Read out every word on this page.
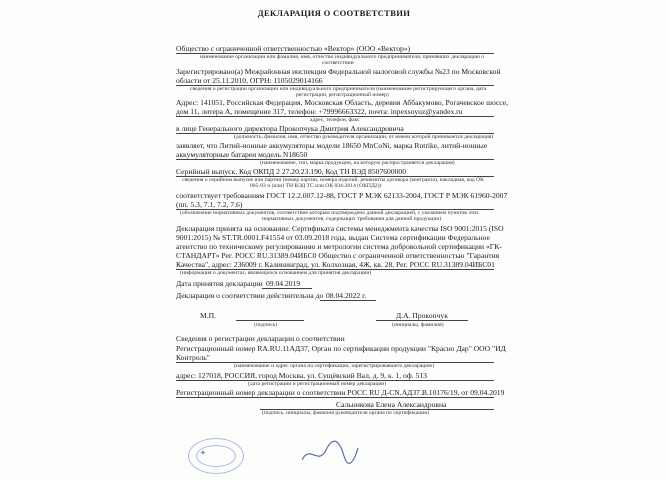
ДЕКЛАРАЦИЯ О СООТВЕТСТВИИ
Общество с ограниченной ответственностью «Вектор» (ООО «Вектор»)
наименование организации или фамилия, имя, отчество индивидуального предпринимателя, принявших декларацию о
соответствии
Зарегистрировано(а) Межрайонная инспекция Федеральной налоговой службы №23 по Московской
области от 25.11.2010, ОГРН: 1105029014166
сведения о регистрации организации или индивидуального предпринимателя (наименование регистрирующего органа, дата
регистрации, регистрационный номер)
Адрес: 141051, Российская Федерация, Московская Область, деревня Аббакумово, Рогачевское шоссе,
дом 11, литера А, помещение 317, телефон: +79996663322, почта: inpexsoyuz@yandex.ru
адрес, телефон, факс
в лице Генерального директора Прокопчука Дмитрия Александровича
(должность, фамилия, имя, отчество руководителя организации, от имени которой принимается декларация)
заявляет, что Литий-ионные аккумуляторы модели 18650 MnCoNi, марка Rutrike, литий-ионные
аккумуляторные батареи модель N18650
(наименование, тип, марка продукции, на которую распространяется декларация)
Серийный выпуск, Код ОКПД 2 27.20.23.190, Код ТН ВЭД 8507600000
сведения о серийном выпуске или партии (номер партии, номера изделий, реквизиты договора (контракта), накладная, код ОК
005-93 и (или) ТН ВЭД ТС или ОК 034-2014 (ОКПД2))
соответствует требованиям ГОСТ 12.2.007.12-88, ГОСТ Р МЭК 62133-2004, ГОСТ Р МЭК 61960-2007
(пп. 5.3, 7.1, 7.2, 7.6)
(обозначение нормативных документов, соответствие которым подтверждено данной декларацией, с указанием пунктов этих
нормативных документов, содержащих требования для данной продукции)
Декларация принята на основании: Сертификата системы менеджмента качества ISO 9001:2015 (ISO
9001:2015) № ST.TR.0001.F41554 от 03.09.2018 года, выдан Система сертификации Федеральное
агентство по техническому регулированию и метрологии система добровольной сертификации «ГК-
СТАНДАРТ» Рег. РОСС RU.31389.04ИБС0 Общество с ограниченной ответственностью "Гарантия
Качества", адрес: 236009 г. Калининград, ул. Колхозная, 4Ж, кв. 28, Рег. РОСС RU.31389.04ИБС01
(информация о документах, являющихся основанием для принятия декларации)
Дата принятия декларации 09.04.2019
Декларация о соответствии действительна до 08.04.2022 г.
М.П.
(подпись)
Д.А. Прокопчук
(инициалы, фамилия)
Сведения о регистрации декларации о соответствии
Регистрационный номер RA.RU.11АД37, Орган по сертификации продукции "Красно Дар" ООО "ИД
Контроль"
(наименование и адрес органа по сертификации, зарегистрировавшего декларацию)
адрес: 127018, РОССИЯ, город Москва, ул. Сущёвский Вал, д. 9, к. 1, оф. 513
(дата регистрации и регистрационный номер декларации)
Регистрационный номер декларации о соответствии РОСС RU Д-CN.АД37.В.10176/19, от 09.04.2019
Сальникова Елена Александровна
(подпись, инициалы, фамилия руководителя органа по сертификации)
✦
